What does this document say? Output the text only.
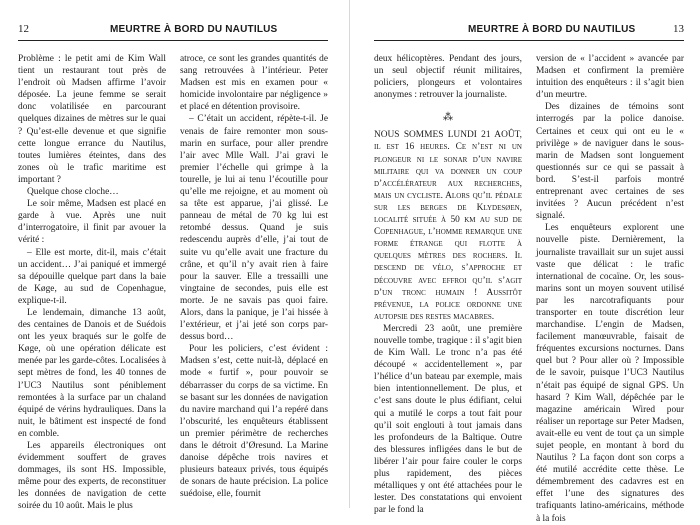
12	MEURTRE À BORD DU NAUTILUS

Problème : le petit ami de Kim Wall tient un restaurant tout près de l’endroit où Madsen affirme l’avoir déposée. La jeune femme se serait donc volatilisée en parcourant quelques dizaines de mètres sur le quai ? Qu’est-elle devenue et que signifie cette longue errance du Nautilus, toutes lumières éteintes, dans des zones où le trafic maritime est important ?

Quelque chose cloche…

Le soir même, Madsen est placé en garde à vue. Après une nuit d’interrogatoire, il finit par avouer la vérité :

– Elle est morte, dit-il, mais c’était un accident… J’ai paniqué et immergé sa dépouille quelque part dans la baie de Køge, au sud de Copenhague, explique-t-il.

Le lendemain, dimanche 13 août, des centaines de Danois et de Suédois ont les yeux braqués sur le golfe de Køge, où une opération délicate est menée par les garde-côtes. Localisées à sept mètres de fond, les 40 tonnes de l’UC3 Nautilus sont péniblement remontées à la surface par un chaland équipé de vérins hydrauliques. Dans la nuit, le bâtiment est inspecté de fond en comble.

Les appareils électroniques ont évidemment souffert de graves dommages, ils sont HS. Impossible, même pour des experts, de reconstituer les données de navigation de cette soirée du 10 août. Mais le plus

atroce, ce sont les grandes quantités de sang retrouvées à l’intérieur. Peter Madsen est mis en examen pour « homicide involontaire par négligence » et placé en détention provisoire.

– C’était un accident, répète-t-il. Je venais de faire remonter mon sous-marin en surface, pour aller prendre l’air avec Mlle Wall. J’ai gravi le premier l’échelle qui grimpe à la tourelle, je lui ai tenu l’écoutille pour qu’elle me rejoigne, et au moment où sa tête est apparue, j’ai glissé. Le panneau de métal de 70 kg lui est retombé dessus. Quand je suis redescendu auprès d’elle, j’ai tout de suite vu qu’elle avait une fracture du crâne, et qu’il n’y avait rien à faire pour la sauver. Elle a tressailli une vingtaine de secondes, puis elle est morte. Je ne savais pas quoi faire. Alors, dans la panique, je l’ai hissée à l’extérieur, et j’ai jeté son corps par-dessus bord…

Pour les policiers, c’est évident : Madsen s’est, cette nuit-là, déplacé en mode « furtif », pour pouvoir se débarrasser du corps de sa victime. En se basant sur les données de navigation du navire marchand qui l’a repéré dans l’obscurité, les enquêteurs établissent un premier périmètre de recherches dans le détroit d’Øresund. La Marine danoise dépêche trois navires et plusieurs bateaux privés, tous équipés de sonars de haute précision. La police suédoise, elle, fournit

MEURTRE À BORD DU NAUTILUS	13

deux hélicoptères. Pendant des jours, un seul objectif réunit militaires, policiers, plongeurs et volontaires anonymes : retrouver la journaliste.

⁂

NOUS SOMMES LUNDI 21 AOÛT, il est 16 heures. Ce n’est ni un plongeur ni le sonar d’un navire militaire qui va donner un coup d’accélérateur aux recherches, mais un cycliste. Alors qu’il pédale sur les berges de Klydesøen, localité située à 50 km au sud de Copenhague, l’homme remarque une forme étrange qui flotte à quelques mètres des rochers. Il descend de vélo, s’approche et découvre avec effroi qu’il s’agit d’un tronc humain ! Aussitôt prévenue, la police ordonne une autopsie des restes macabres.

Mercredi 23 août, une première nouvelle tombe, tragique : il s’agit bien de Kim Wall. Le tronc n’a pas été découpé « accidentellement », par l’hélice d’un bateau par exemple, mais bien intentionnellement. De plus, et c’est sans doute le plus édifiant, celui qui a mutilé le corps a tout fait pour qu’il soit englouti à tout jamais dans les profondeurs de la Baltique. Outre des blessures infligées dans le but de libérer l’air pour faire couler le corps plus rapidement, des pièces métalliques y ont été attachées pour le lester. Des constatations qui envoient par le fond la

version de « l’accident » avancée par Madsen et confirment la première intuition des enquêteurs : il s’agit bien d’un meurtre.

Des dizaines de témoins sont interrogés par la police danoise. Certaines et ceux qui ont eu le « privilège » de naviguer dans le sous-marin de Madsen sont longuement questionnés sur ce qui se passait à bord. S’est-il parfois montré entreprenant avec certaines de ses invitées ? Aucun précédent n’est signalé.

Les enquêteurs explorent une nouvelle piste. Dernièrement, la journaliste travaillait sur un sujet aussi vaste que délicat : le trafic international de cocaïne. Or, les sous-marins sont un moyen souvent utilisé par les narcotrafiquants pour transporter en toute discrétion leur marchandise. L’engin de Madsen, facilement manœuvrable, faisait de fréquentes excursions nocturnes. Dans quel but ? Pour aller où ? Impossible de le savoir, puisque l’UC3 Nautilus n’était pas équipé de signal GPS. Un hasard ? Kim Wall, dépêchée par le magazine américain Wired pour réaliser un reportage sur Peter Madsen, avait-elle eu vent de tout ça un simple sujet people, en montant à bord du Nautilus ? La façon dont son corps a été mutilé accrédite cette thèse. Le démembrement des cadavres est en effet l’une des signatures des trafiquants latino-américains, méthode à la fois
